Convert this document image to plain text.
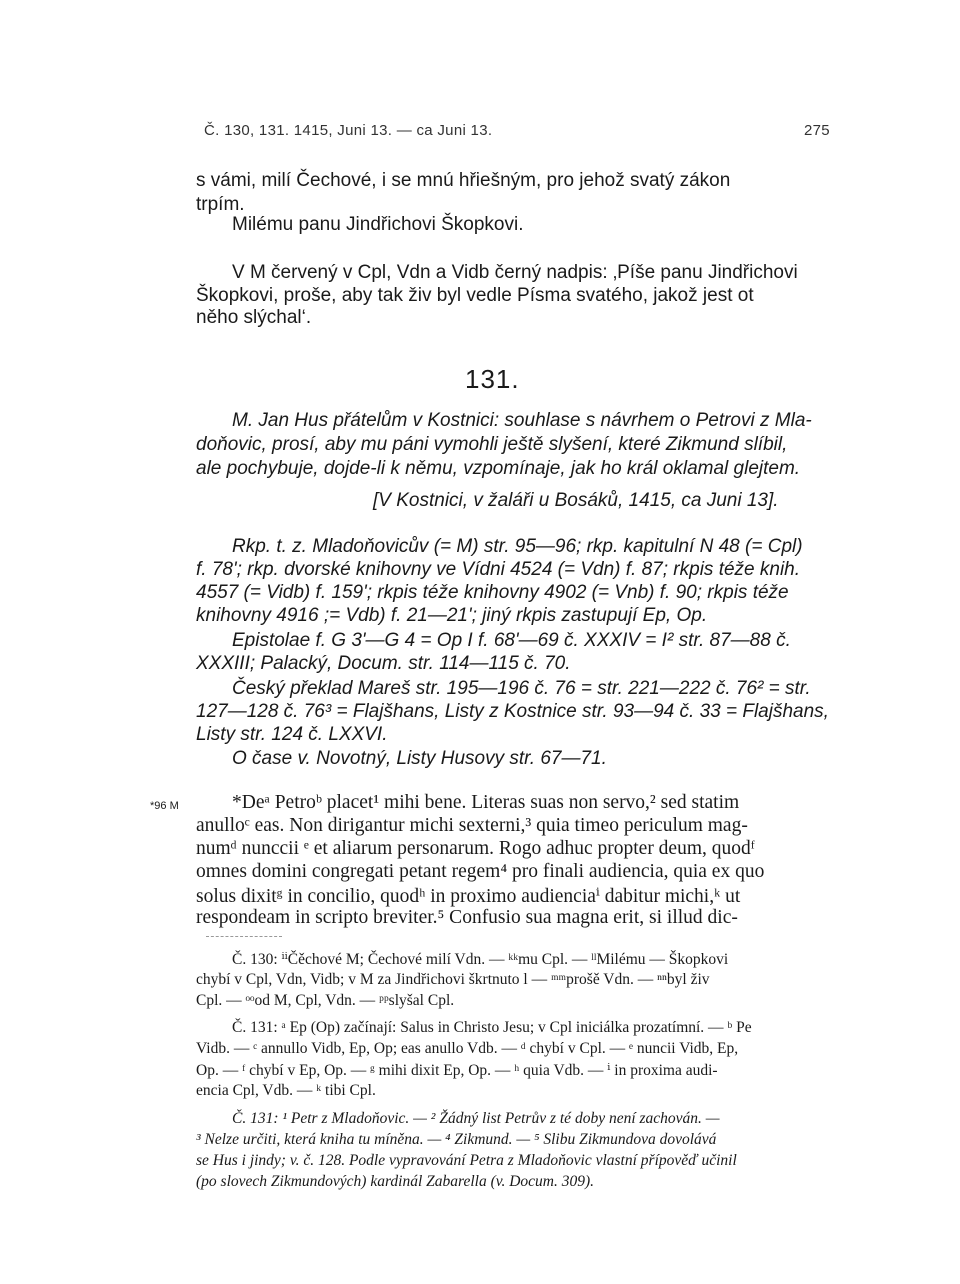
Č. 130, 131. 1415, Juni 13. — ca Juni 13.	275
s vámi, milí Čechové, i se mnú hřiešným, pro jehož svatý zákon
trpím.
Milému panu Jindřichovi Škopkovi.
V M červený v Cpl, Vdn a Vidb černý nadpis: ‚Píše panu Jindřichovi
Škopkovi, proše, aby tak živ byl vedle Písma svatého, jakož jest ot
něho slýchal‘.
131.
M. Jan Hus přátelům v Kostnici: souhlase s návrhem o Petrovi z Mla-
doňovic, prosí, aby mu páni vymohli ještě slyšení, které Zikmund slíbil,
ale pochybuje, dojde-li k němu, vzpomínaje, jak ho král oklamal glejtem.
[V Kostnici, v žaláři u Bosáků, 1415, ca Juni 13].
Rkp. t. z. Mladoňovicův (= M) str. 95—96; rkp. kapitulní N 48 (= Cpl)
f. 78'; rkp. dvorské knihovny ve Vídni 4524 (= Vdn) f. 87; rkpis téže knih.
4557 (= Vidb) f. 159'; rkpis téže knihovny 4902 (= Vnb) f. 90; rkpis téže
knihovny 4916 ;= Vdb) f. 21—21'; jiný rkpis zastupují Ep, Op.
Epistolae f. G 3'—G 4 = Op I f. 68'—69 č. XXXIV = I² str. 87—88 č.
XXXIII; Palacký, Docum. str. 114—115 č. 70.
Český překlad Mareš str. 195—196 č. 76 = str. 221—222 č. 76² = str.
127—128 č. 76³ = Flajšhans, Listy z Kostnice str. 93—94 č. 33 = Flajšhans,
Listy str. 124 č. LXXVI.
O čase v. Novotný, Listy Husovy str. 67—71.
*96 M	*Deᵃ Petroᵇ placet¹ mihi bene. Literas suas non servo,² sed statim
anulloᶜ eas. Non dirigantur michi sexterni,³ quia timeo periculum mag-
numᵈ nunccii ᵉ et aliarum personarum. Rogo adhuc propter deum, quodᶠ
omnes domini congregati petant regem⁴ pro finali audiencia, quia ex quo
solus dixitᵍ in concilio, quodʰ in proximo audienciaⁱ dabitur michi,ᵏ ut
respondeam in scripto breviter.⁵ Confusio sua magna erit, si illud dic-
Č. 130: ⁱⁱČěchové M; Čechové milí Vdn. — ᵏᵏmu Cpl. — ˡˡMilému — Škopkovi
chybí v Cpl, Vdn, Vidb; v M za Jindřichovi škrtnuto l — ᵐᵐprošě Vdn. — ⁿⁿbyl živ
Cpl. — ᵒᵒod M, Cpl, Vdn. — ᵖᵖslyšal Cpl.
Č. 131: ᵃ Ep (Op) začínají: Salus in Christo Jesu; v Cpl iniciálka prozatímní. — ᵇ Pe
Vidb. — ᶜ annullo Vidb, Ep, Op; eas anullo Vdb. — ᵈ chybí v Cpl. — ᵉ nuncii Vidb, Ep,
Op. — ᶠ chybí v Ep, Op. — ᵍ mihi dixit Ep, Op. — ʰ quia Vdb. — ⁱ in proxima audi-
encia Cpl, Vdb. — ᵏ tibi Cpl.
Č. 131: ¹ Petr z Mladoňovic. — ² Žádný list Petrův z té doby není zachován. —
³ Nelze určiti, která kniha tu míněna. — ⁴ Zikmund. — ⁵ Slibu Zikmundova dovolává
se Hus i jindy; v. č. 128. Podle vypravování Petra z Mladoňovic vlastní přípověď učinil
(po slovech Zikmundových) kardinál Zabarella (v. Docum. 309).
